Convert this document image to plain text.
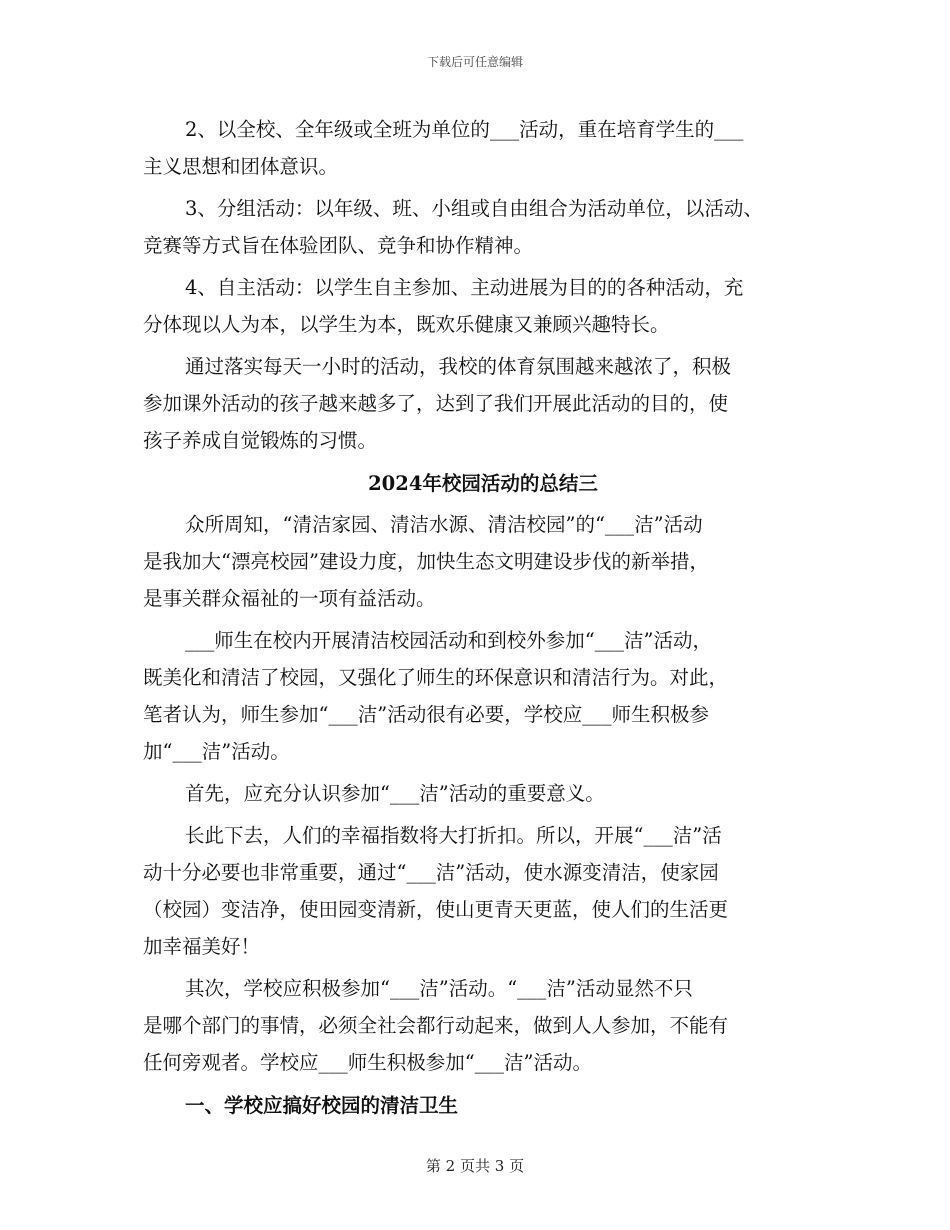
下载后可任意编辑
2、以全校、全年级或全班为单位的___活动，重在培育学生的___
主义思想和团体意识。
3、分组活动：以年级、班、小组或自由组合为活动单位，以活动、
竞赛等方式旨在体验团队、竞争和协作精神。
4、自主活动：以学生自主参加、主动进展为目的的各种活动，充
分体现以人为本，以学生为本，既欢乐健康又兼顾兴趣特长。
通过落实每天一小时的活动，我校的体育氛围越来越浓了，积极
参加课外活动的孩子越来越多了，达到了我们开展此活动的目的，使
孩子养成自觉锻炼的习惯。
2024年校园活动的总结三
众所周知，“清洁家园、清洁水源、清洁校园”的“___洁”活动
是我加大“漂亮校园”建设力度，加快生态文明建设步伐的新举措，
是事关群众福祉的一项有益活动。
___师生在校内开展清洁校园活动和到校外参加“___洁”活动，
既美化和清洁了校园，又强化了师生的环保意识和清洁行为。对此，
笔者认为，师生参加“___洁”活动很有必要，学校应___师生积极参
加“___洁”活动。
首先，应充分认识参加“___洁”活动的重要意义。
长此下去，人们的幸福指数将大打折扣。所以，开展“___洁”活
动十分必要也非常重要，通过“___洁”活动，使水源变清洁，使家园
（校园）变洁净，使田园变清新，使山更青天更蓝，使人们的生活更
加幸福美好！
其次，学校应积极参加“___洁”活动。“___洁”活动显然不只
是哪个部门的事情，必须全社会都行动起来，做到人人参加，不能有
任何旁观者。学校应___师生积极参加“___洁”活动。
一、学校应搞好校园的清洁卫生
第 2 页共 3 页
